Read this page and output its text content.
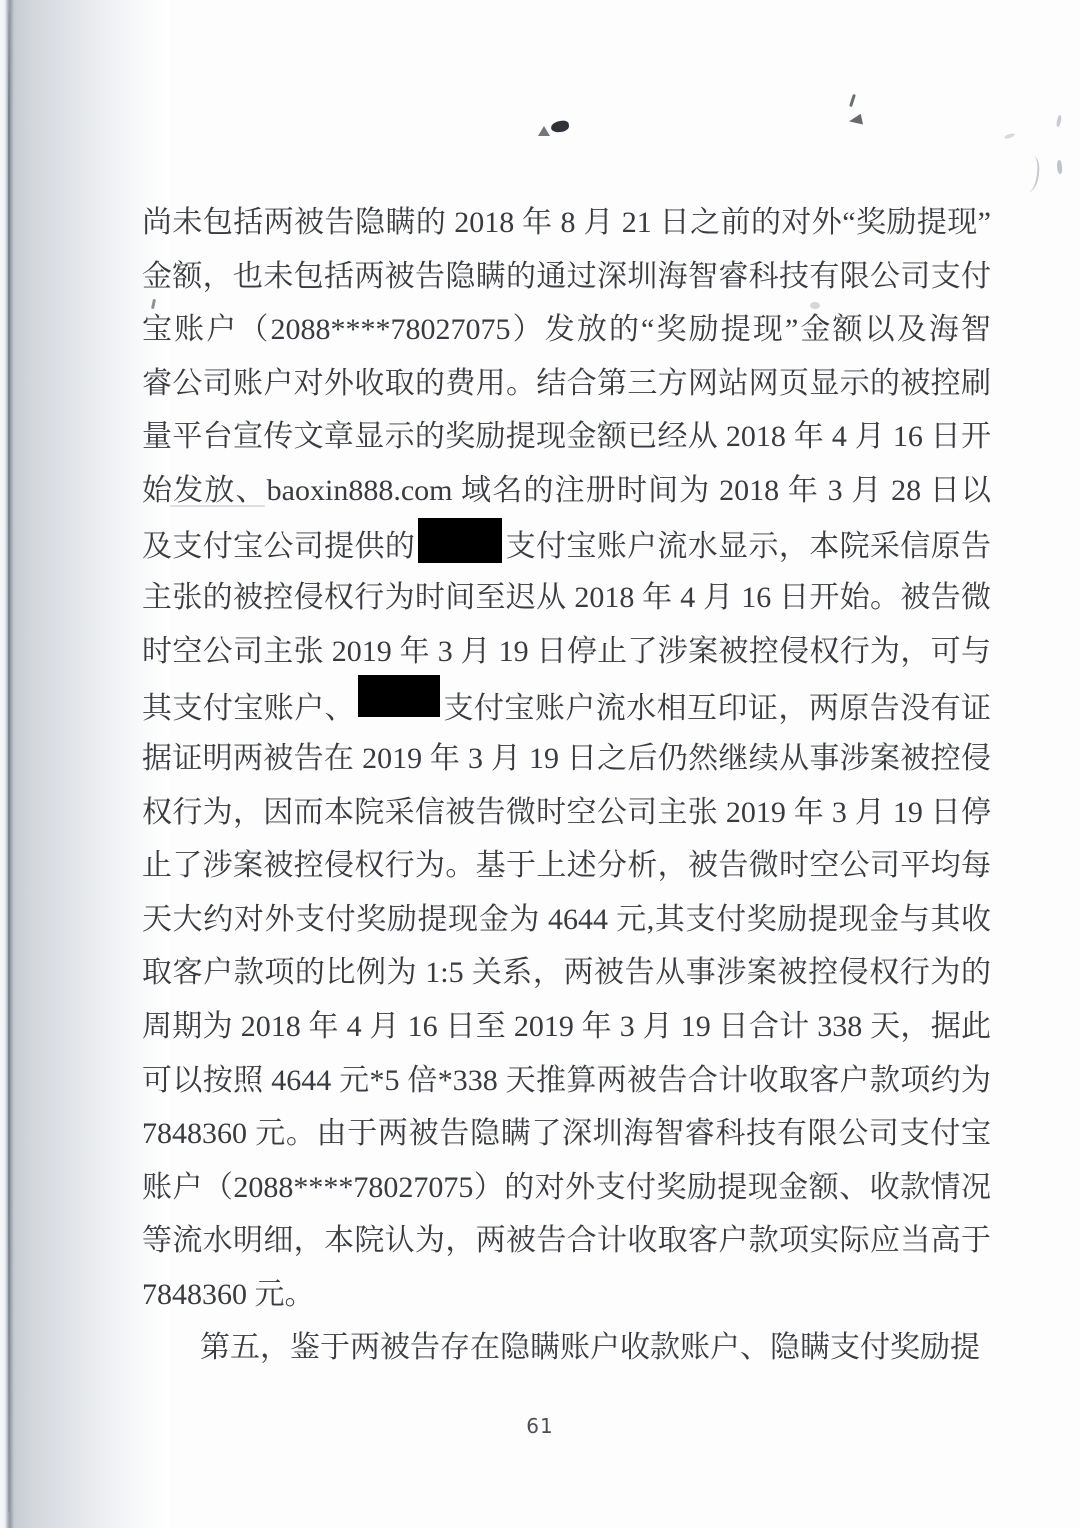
尚未包括两被告隐瞒的 2018 年 8 月 21 日之前的对外“奖励提现”
金额，也未包括两被告隐瞒的通过深圳海智睿科技有限公司支付
宝账户（2088****78027075）发放的“奖励提现”金额以及海智
睿公司账户对外收取的费用。结合第三方网站网页显示的被控刷
量平台宣传文章显示的奖励提现金额已经从 2018 年 4 月 16 日开
始发放、baoxin888.com 域名的注册时间为 2018 年 3 月 28 日以
及支付宝公司提供的	支付宝账户流水显示，本院采信原告
主张的被控侵权行为时间至迟从 2018 年 4 月 16 日开始。被告微
时空公司主张 2019 年 3 月 19 日停止了涉案被控侵权行为，可与
其支付宝账户、	支付宝账户流水相互印证，两原告没有证
据证明两被告在 2019 年 3 月 19 日之后仍然继续从事涉案被控侵
权行为，因而本院采信被告微时空公司主张 2019 年 3 月 19 日停
止了涉案被控侵权行为。基于上述分析，被告微时空公司平均每
天大约对外支付奖励提现金为 4644 元,其支付奖励提现金与其收
取客户款项的比例为 1:5 关系，两被告从事涉案被控侵权行为的
周期为 2018 年 4 月 16 日至 2019 年 3 月 19 日合计 338 天，据此
可以按照 4644 元*5 倍*338 天推算两被告合计收取客户款项约为
7848360 元。由于两被告隐瞒了深圳海智睿科技有限公司支付宝
账户（2088****78027075）的对外支付奖励提现金额、收款情况
等流水明细，本院认为，两被告合计收取客户款项实际应当高于
7848360 元。
第五，鉴于两被告存在隐瞒账户收款账户、隐瞒支付奖励提
61
